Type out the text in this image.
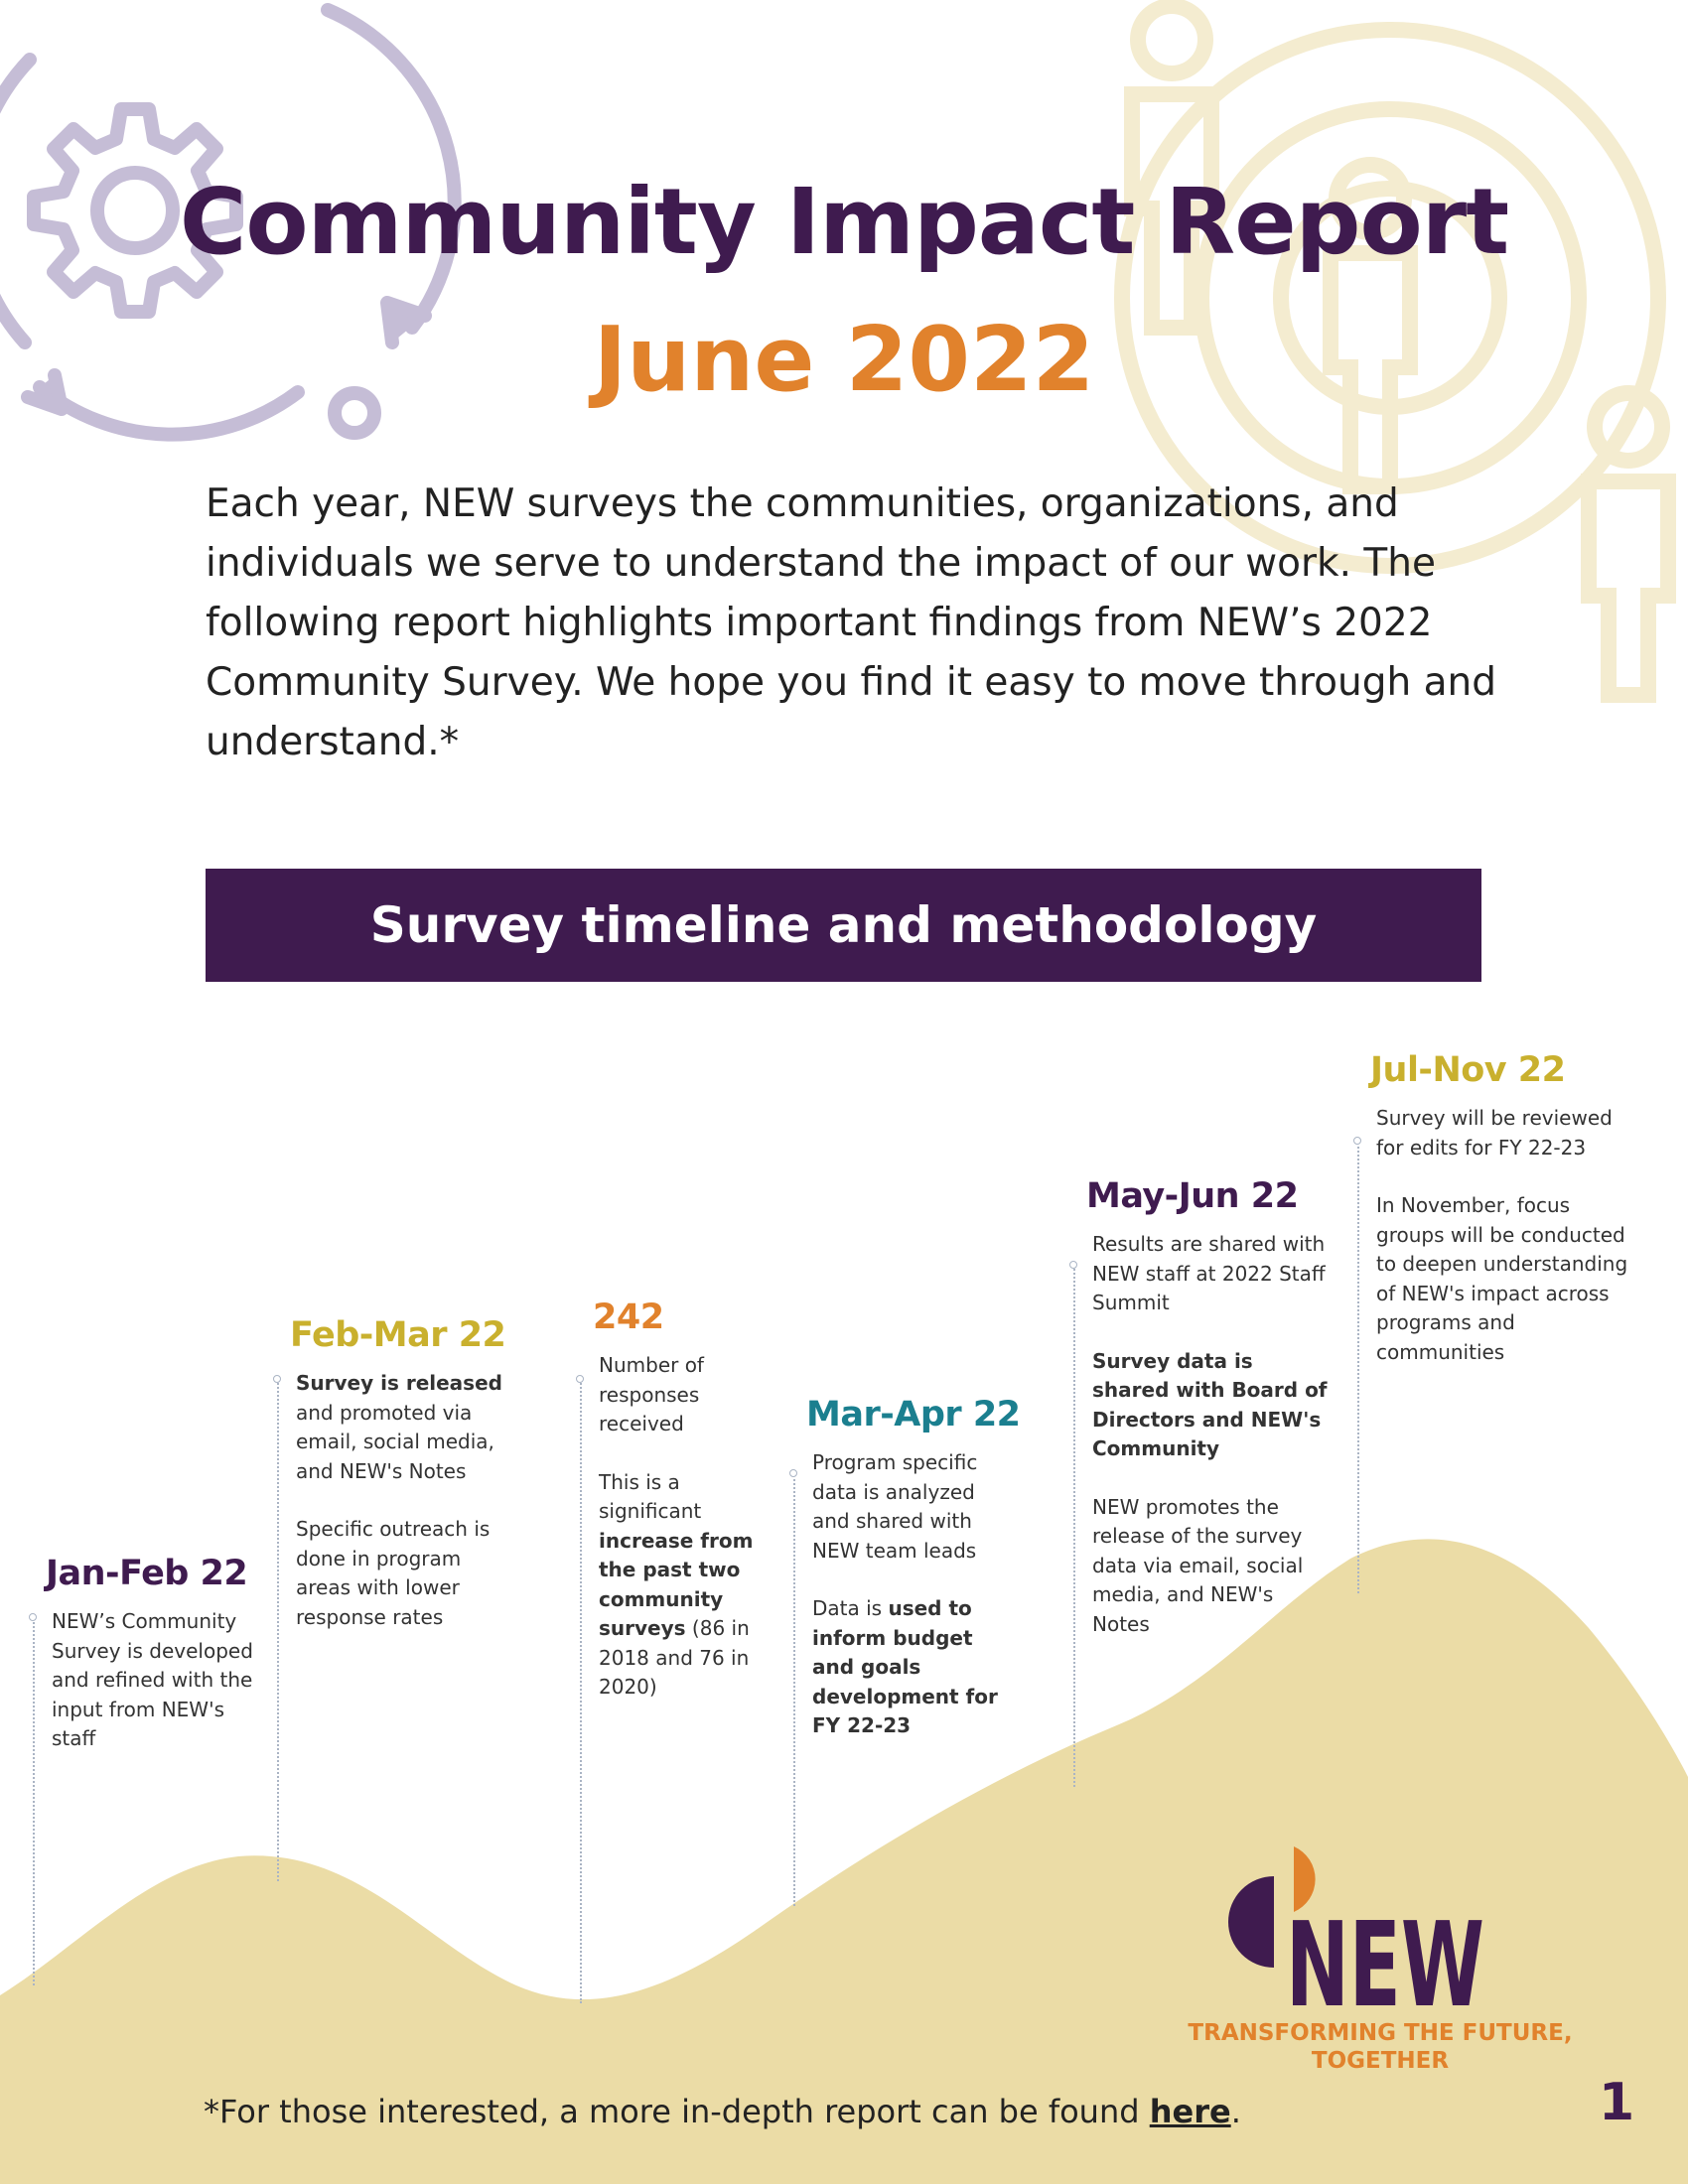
Community Impact Report
June 2022
Each year, NEW surveys the communities, organizations, and individuals we serve to understand the impact of our work. The following report highlights important findings from NEW’s 2022 Community Survey. We hope you find it easy to move through and understand.*
Survey timeline and methodology
Jan-Feb 22

NEW’s Community Survey is developed and refined with the input from NEW's staff

Feb-Mar 22

Survey is released and promoted via email, social media, and NEW's Notes

Specific outreach is done in program areas with lower response rates

242

Number of responses received

This is a significant increase from the past two community surveys (86 in 2018 and 76 in 2020)

Mar-Apr 22

Program specific data is analyzed and shared with NEW team leads

Data is used to inform budget and goals development for FY 22-23

May-Jun 22

Results are shared with NEW staff at 2022 Staff Summit

Survey data is shared with Board of Directors and NEW's Community

NEW promotes the release of the survey data via email, social media, and NEW's Notes

Jul-Nov 22

Survey will be reviewed for edits for FY 22-23

In November, focus groups will be conducted to deepen understanding of NEW's impact across programs and communities

NEW
TRANSFORMING THE FUTURE,
TOGETHER
*For those interested, a more in-depth report can be found here.	1
